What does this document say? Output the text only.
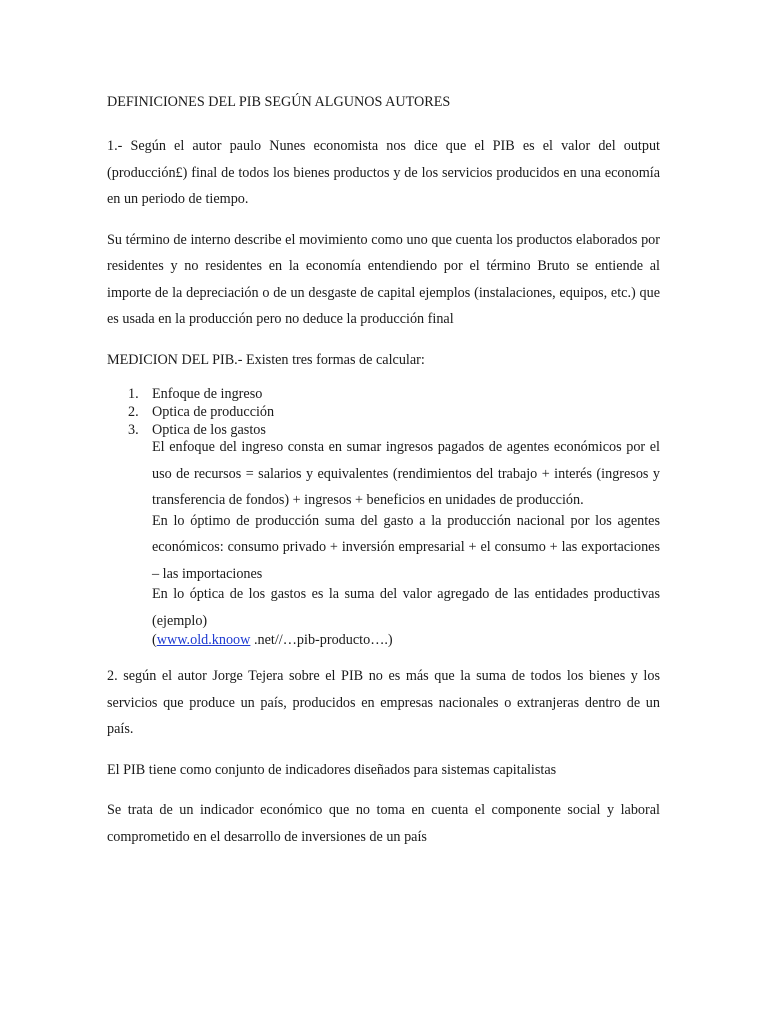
DEFINICIONES DEL PIB SEGÚN ALGUNOS AUTORES

1.- Según el autor paulo Nunes economista nos dice que el PIB es el valor del output (producción£) final de todos los bienes productos y de los servicios producidos en una economía en un periodo de tiempo.

Su término de interno describe el movimiento como uno que cuenta los productos elaborados por residentes y no residentes en la economía entendiendo por el término Bruto se entiende al importe de la depreciación o de un desgaste de capital ejemplos (instalaciones, equipos, etc.) que es usada en la producción pero no deduce la producción final

MEDICION DEL PIB.- Existen tres formas de calcular:

1. Enfoque de ingreso
2. Optica de producción
3. Optica de los gastos

El enfoque del ingreso consta en sumar ingresos pagados de agentes económicos por el uso de recursos = salarios y equivalentes (rendimientos del trabajo + interés (ingresos y transferencia de fondos) + ingresos + beneficios en unidades de producción.

En lo óptimo de producción suma del gasto a la producción nacional por los agentes económicos: consumo privado + inversión empresarial + el consumo + las exportaciones – las importaciones

En lo óptica de los gastos es la suma del valor agregado de las entidades productivas (ejemplo)

(www.old.knoow .net//…pib-producto….)

2. según el autor Jorge Tejera sobre el PIB no es más que la suma de todos los bienes y los servicios que produce un país, producidos en empresas nacionales o extranjeras dentro de un país.

El PIB tiene como conjunto de indicadores diseñados para sistemas capitalistas

Se trata de un indicador económico que no toma en cuenta el componente social y laboral comprometido en el desarrollo de inversiones de un país
